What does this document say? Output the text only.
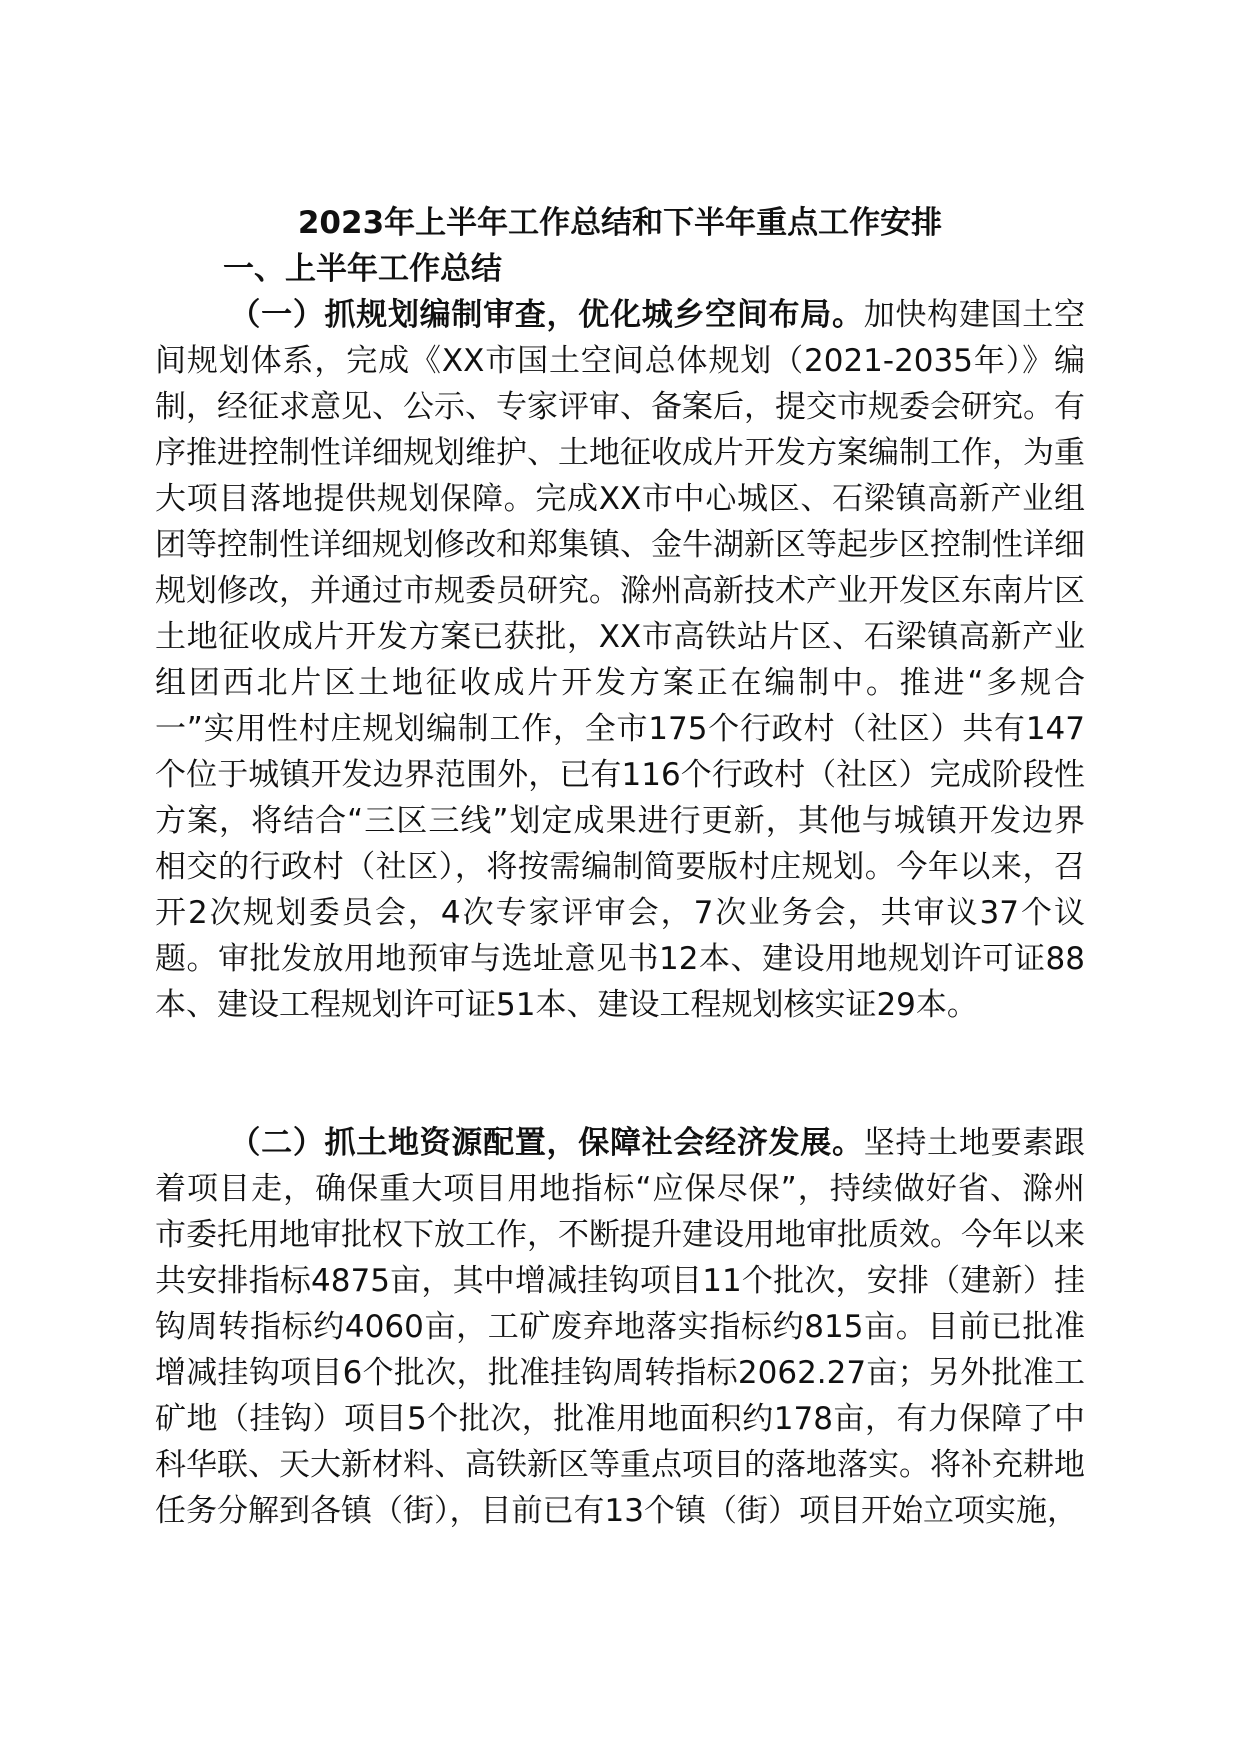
2023年上半年工作总结和下半年重点工作安排
一、上半年工作总结

（一）抓规划编制审查，优化城乡空间布局。加快构建国土空间规划体系，完成《XX市国土空间总体规划（2021-2035年）》编制，经征求意见、公示、专家评审、备案后，提交市规委会研究。有序推进控制性详细规划维护、土地征收成片开发方案编制工作，为重大项目落地提供规划保障。完成XX市中心城区、石梁镇高新产业组团等控制性详细规划修改和郑集镇、金牛湖新区等起步区控制性详细规划修改，并通过市规委员研究。滁州高新技术产业开发区东南片区土地征收成片开发方案已获批，XX市高铁站片区、石梁镇高新产业组团西北片区土地征收成片开发方案正在编制中。推进“多规合一”实用性村庄规划编制工作，全市175个行政村（社区）共有147个位于城镇开发边界范围外，已有116个行政村（社区）完成阶段性方案，将结合“三区三线”划定成果进行更新，其他与城镇开发边界相交的行政村（社区），将按需编制简要版村庄规划。今年以来，召开2次规划委员会，4次专家评审会，7次业务会，共审议37个议题。审批发放用地预审与选址意见书12本、建设用地规划许可证88本、建设工程规划许可证51本、建设工程规划核实证29本。

（二）抓土地资源配置，保障社会经济发展。坚持土地要素跟着项目走，确保重大项目用地指标“应保尽保”，持续做好省、滁州市委托用地审批权下放工作，不断提升建设用地审批质效。今年以来共安排指标4875亩，其中增减挂钩项目11个批次，安排（建新）挂钩周转指标约4060亩，工矿废弃地落实指标约815亩。目前已批准增减挂钩项目6个批次，批准挂钩周转指标2062.27亩；另外批准工矿地（挂钩）项目5个批次，批准用地面积约178亩，有力保障了中科华联、天大新材料、高铁新区等重点项目的落地落实。将补充耕地任务分解到各镇（街），目前已有13个镇（街）项目开始立项实施，
